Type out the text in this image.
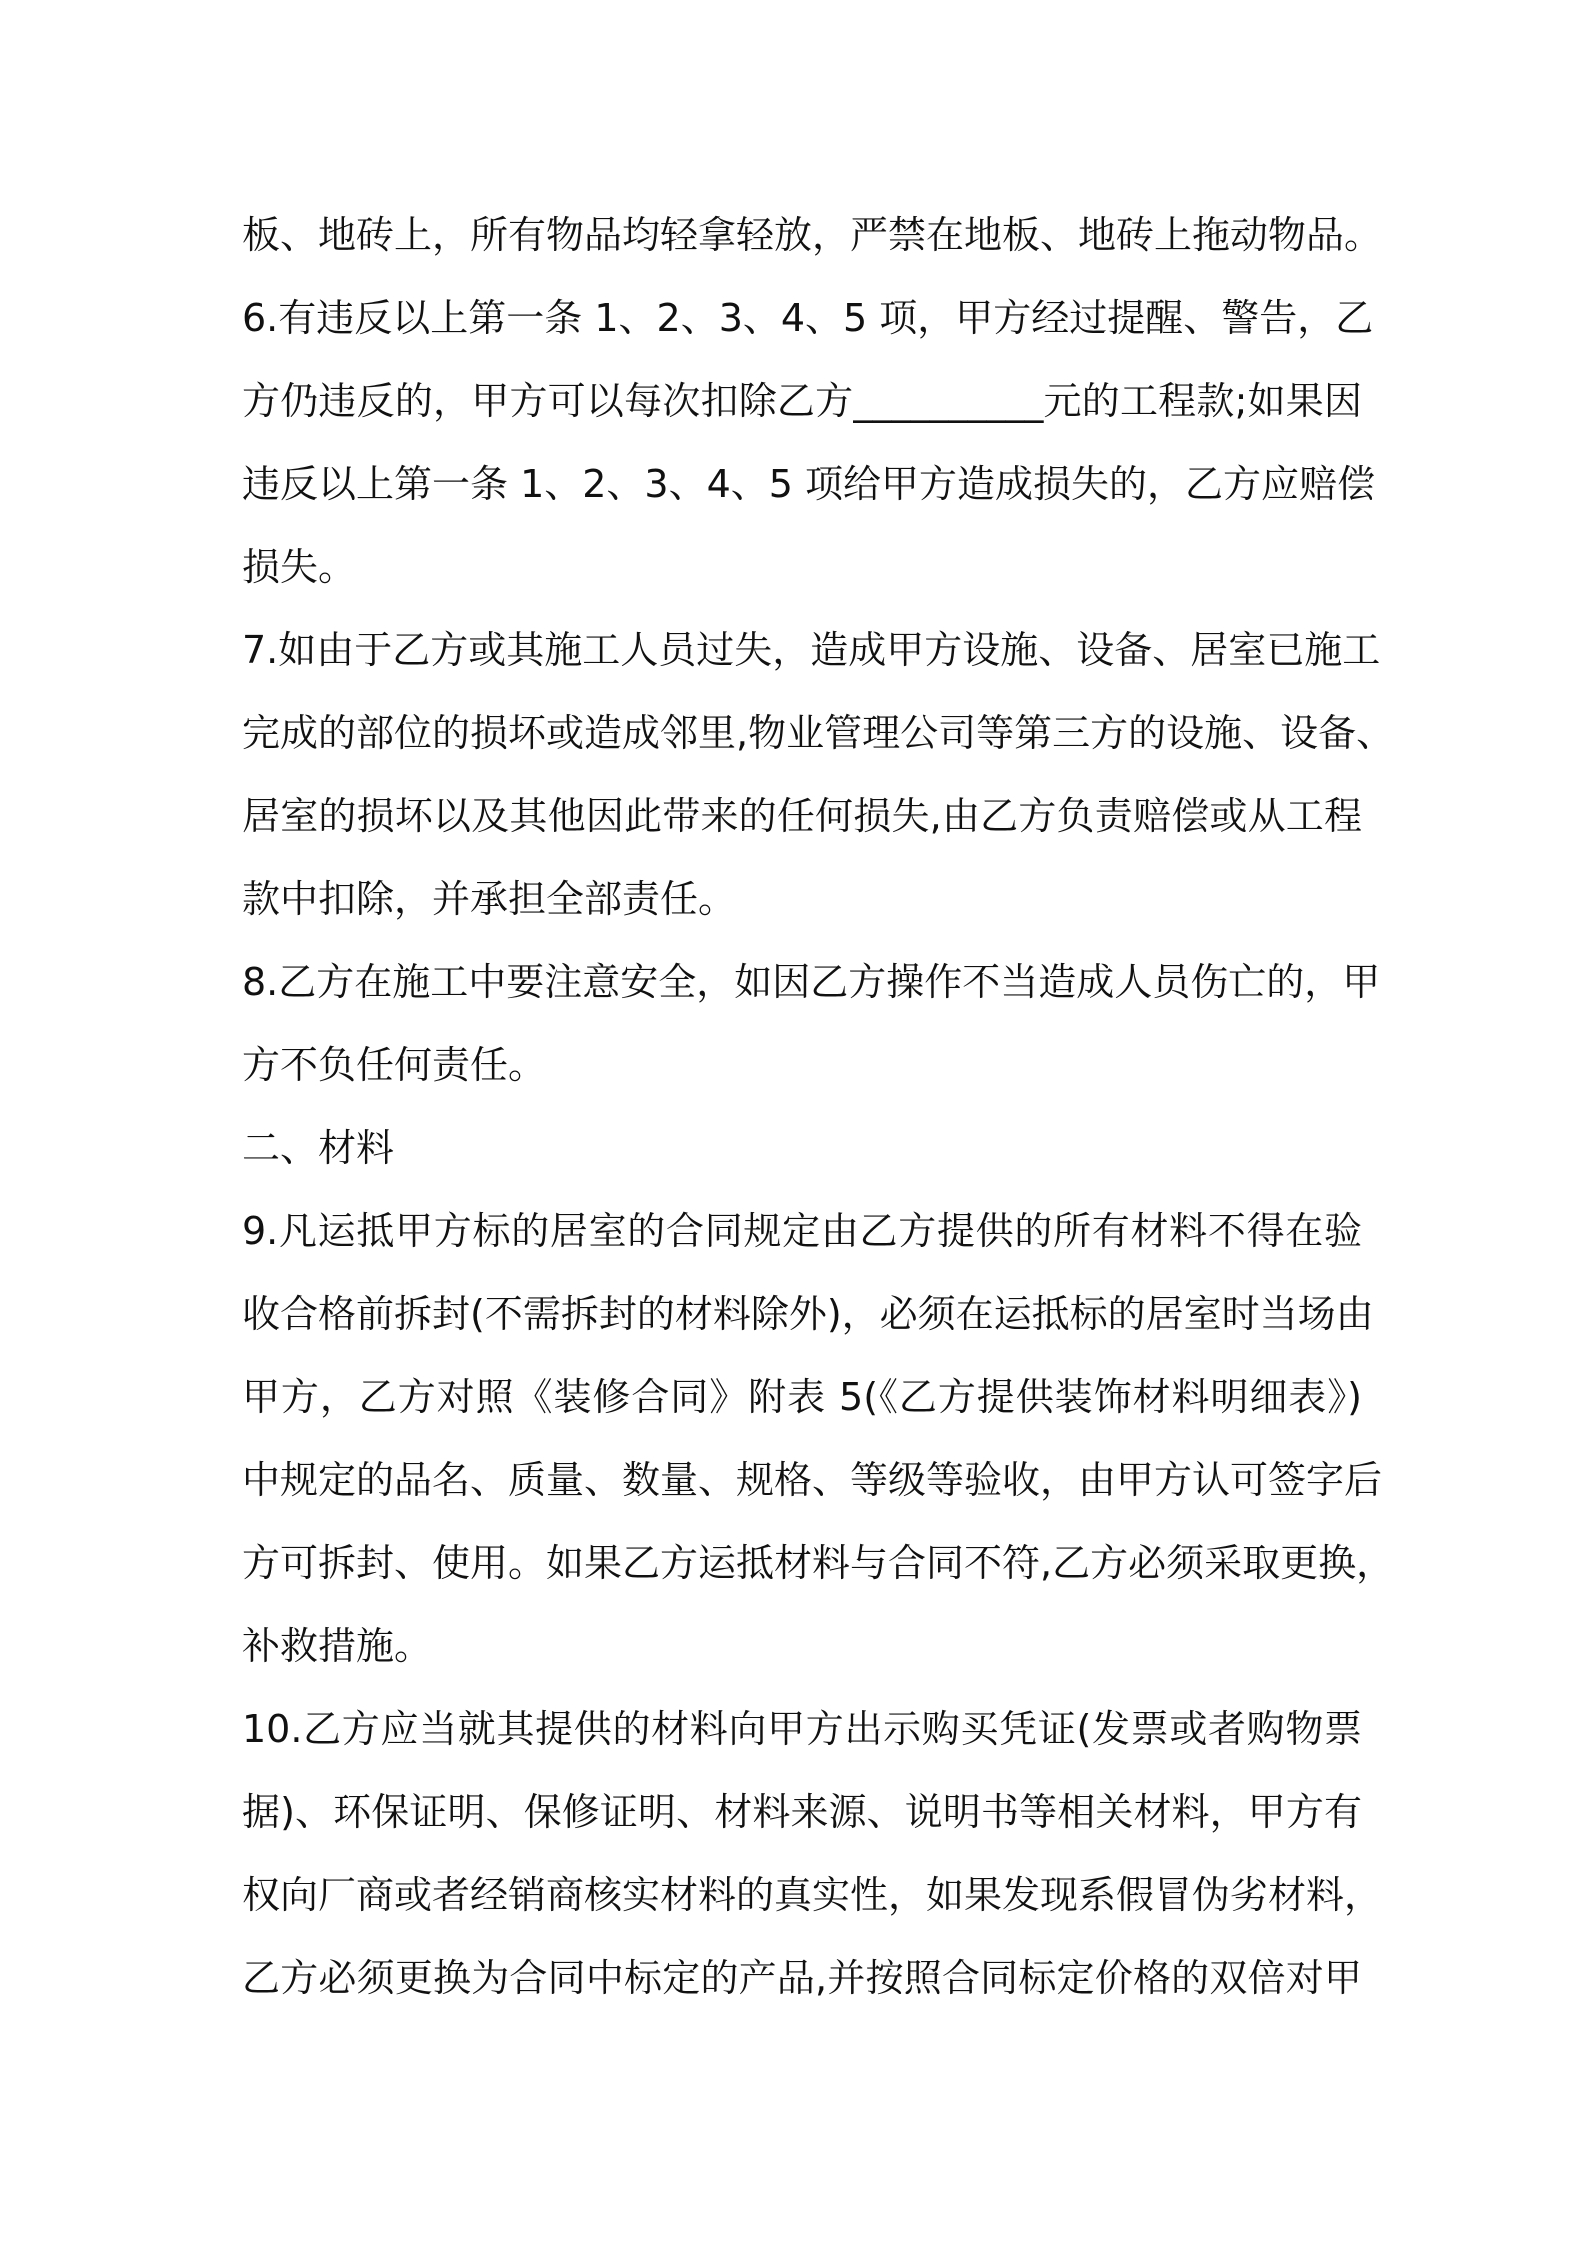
板、地砖上，所有物品均轻拿轻放，严禁在地板、地砖上拖动物品。
6.有违反以上第一条 1、2、3、4、5 项，甲方经过提醒、警告，乙
方仍违反的，甲方可以每次扣除乙方__________元的工程款;如果因
违反以上第一条 1、2、3、4、5 项给甲方造成损失的，乙方应赔偿
损失。
7.如由于乙方或其施工人员过失，造成甲方设施、设备、居室已施工
完成的部位的损坏或造成邻里,物业管理公司等第三方的设施、设备、
居室的损坏以及其他因此带来的任何损失,由乙方负责赔偿或从工程
款中扣除，并承担全部责任。
8.乙方在施工中要注意安全，如因乙方操作不当造成人员伤亡的，甲
方不负任何责任。
二、材料
9.凡运抵甲方标的居室的合同规定由乙方提供的所有材料不得在验
收合格前拆封(不需拆封的材料除外)，必须在运抵标的居室时当场由
甲方，乙方对照《装修合同》附表 5(《乙方提供装饰材料明细表》)
中规定的品名、质量、数量、规格、等级等验收，由甲方认可签字后
方可拆封、使用。如果乙方运抵材料与合同不符,乙方必须采取更换，
补救措施。
10.乙方应当就其提供的材料向甲方出示购买凭证(发票或者购物票
据)、环保证明、保修证明、材料来源、说明书等相关材料，甲方有
权向厂商或者经销商核实材料的真实性，如果发现系假冒伪劣材料，
乙方必须更换为合同中标定的产品,并按照合同标定价格的双倍对甲
